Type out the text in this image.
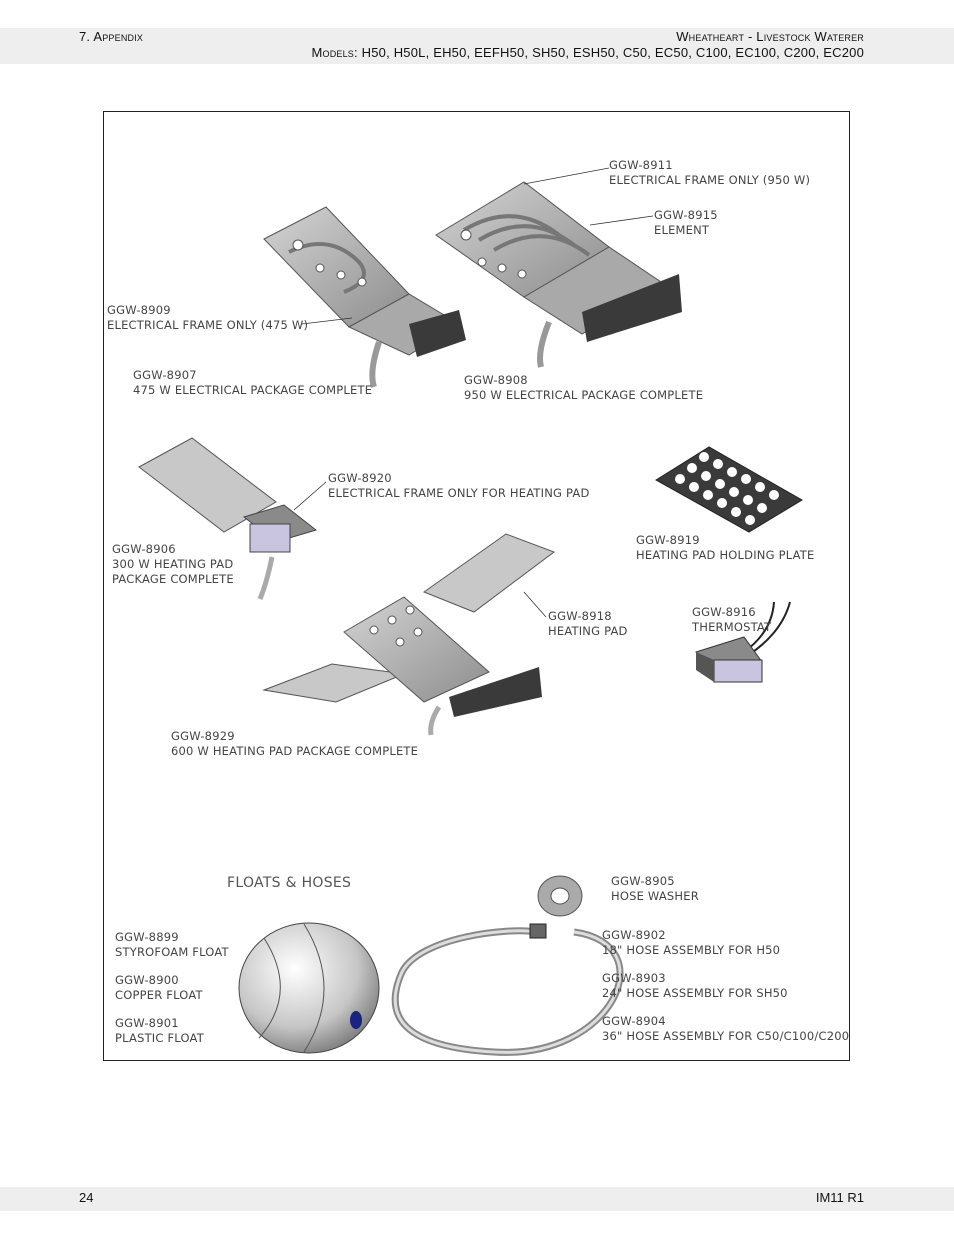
7. Appendix	Wheatheart - Livestock Waterer
Models: H50, H50L, EH50, EEFH50, SH50, ESH50, C50, EC50, C100, EC100, C200, EC200
GGW-8911
ELECTRICAL FRAME ONLY (950 W)
GGW-8915
ELEMENT
GGW-8909
ELECTRICAL FRAME ONLY (475 W)
GGW-8907
475 W ELECTRICAL PACKAGE COMPLETE
GGW-8908
950 W ELECTRICAL PACKAGE COMPLETE
GGW-8920
ELECTRICAL FRAME ONLY FOR HEATING PAD
GGW-8906
300 W HEATING PAD
PACKAGE COMPLETE
GGW-8919
HEATING PAD HOLDING PLATE
GGW-8918
HEATING PAD
GGW-8916
THERMOSTAT
GGW-8929
600 W HEATING PAD PACKAGE COMPLETE
FLOATS & HOSES	GGW-8905
HOSE WASHER
GGW-8899
STYROFOAM FLOAT
GGW-8900
COPPER FLOAT
GGW-8901
PLASTIC FLOAT
GGW-8902
18" HOSE ASSEMBLY FOR H50
GGW-8903
24" HOSE ASSEMBLY FOR SH50
GGW-8904
36" HOSE ASSEMBLY FOR C50/C100/C200
24	IM11 R1
